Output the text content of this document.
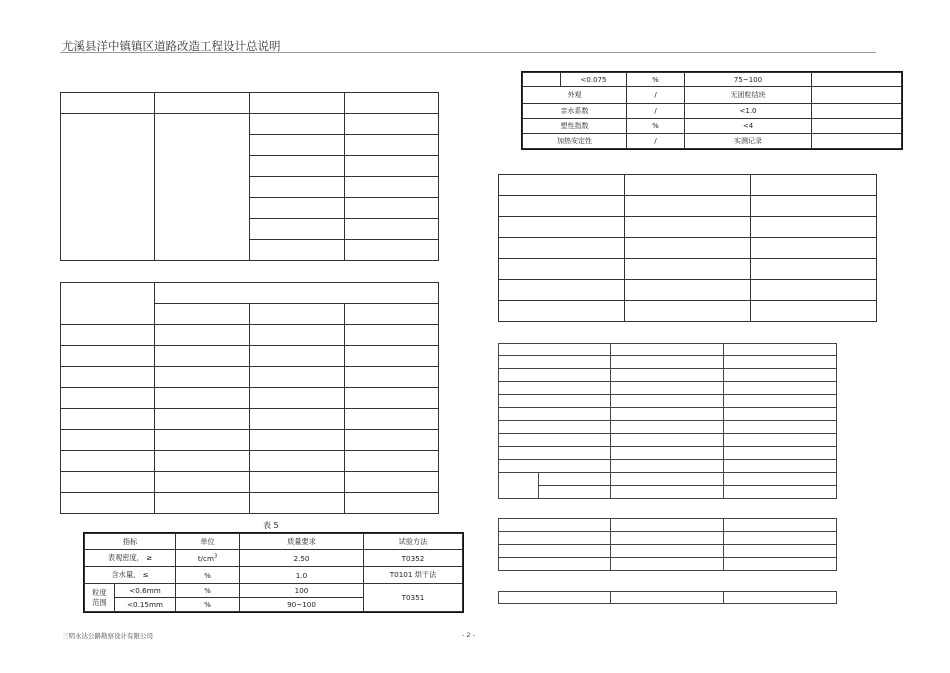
尤溪县洋中镇镇区道路改造工程设计总说明

表 5
指标		单位	质量要求	试验方法
表观密度， ≥		$t/cm^3$	2.50	T0352
含水量， ≤		%	1.0	T0101 烘干法
粒度
范围	<0.6mm	%	100	T0351
	<0.15mm	%	90~100	
	<0.075	%	75~100	
外观		/	无团粒结块	
亲水系数		/	<1.0	
塑性指数		%	<4	
加热安定性		/	实测记录	

三明永达公路勘察设计有限公司	- 2 -
